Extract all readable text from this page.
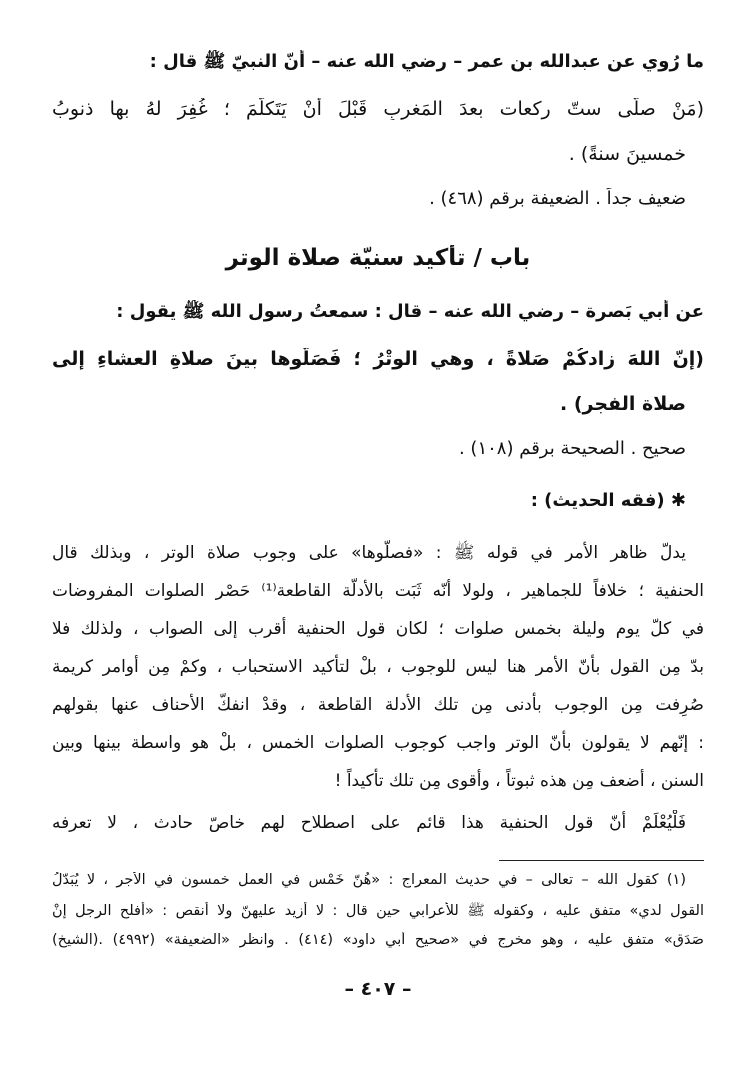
ما رُوي عن عبدالله بن عمر – رضي الله عنه – أنّ النبيّ ﷺ قال :
(مَنْ صلّى ستّ ركعات بعدَ المَغرِبِ قَبْلَ أنْ يَتَكلّمَ ؛ غُفِرَ لهُ بها ذنوبُ
خمسينَ سنةً) .
ضعيف جداً . الضعيفة برقم (٤٦٨) .
باب / تأكيد سنيّة صلاة الوتر
عن أبي بَصرة – رضي الله عنه – قال : سمعتُ رسول الله ﷺ يقول :
(إنّ اللهَ زادكُمْ صَلاةً ، وهي الوِتْرُ ؛ فَصَلّوها بينَ صلاةِ العشاءِ إلى
صلاة الفجرِ) .
صحيح . الصحيحة برقم (١٠٨) .
✱ (فقه الحديث) :
يدلّ ظاهر الأمر في قوله ﷺ : «فصلّوها» على وجوب صلاة الوتر ، وبذلك قال
الحنفية ؛ خلافاً للجماهير ، ولولا أنّه ثَبَت بالأدلّة القاطعة⁽¹⁾ حَصْر الصلوات المفروضات
في كلّ يوم وليلة بخمس صلوات ؛ لكان قول الحنفية أقرب إلى الصواب ، ولذلك فلا
بدّ مِن القول بأنّ الأمر هنا ليس للوجوب ، بلْ لتأكيد الاستحباب ، وكمْ مِن أوامر كريمة
صُرِفت مِن الوجوب بأدنى مِن تلك الأدلة القاطعة ، وقدْ انفكّ الأحناف عنها بقولهم
: إنّهم لا يقولون بأنّ الوتر واجب كوجوب الصلوات الخمس ، بلْ هو واسطة بينها وبين
السنن ، أضعف مِن هذه ثبوتاً ، وأقوى مِن تلك تأكيداً !
فَلْيُعْلَمْ أنّ قول الحنفية هذا قائم على اصطلاح لهم خاصّ حادث ، لا تعرفه
(١) كقول الله – تعالى – في حديث المعراج : «هُنّ خَمْس في العمل خمسون في الأجر ، لا يُبَدّلُ
القول لدي» متفق عليه ، وكقوله ﷺ للأعرابي حين قال : لا أزيد عليهنّ ولا أنقص : «أفلح الرجل إنْ
صَدَق» متفق عليه ، وهو مخرج في «صحيح أبي داود» (٤١٤) . وانظر «الضعيفة» (٤٩٩٢) .(الشيخ)
– ٤٠٧ –
